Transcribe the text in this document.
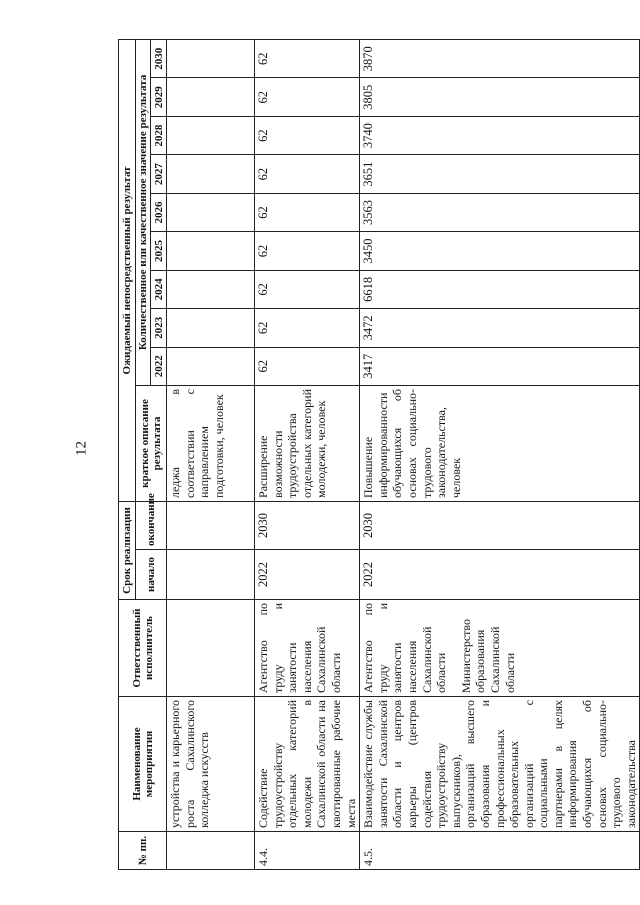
12
№ пп.	Наименование мероприятия	Ответственный исполнитель	Срок реализации		Ожидаемый непосредственный результат									
			начало	окончание	краткое описание результата	Количественное или качественное значение результата								
						2022	2023	2024	2025	2026	2027	2028	2029	2030
	устройства и карьерного роста Сахалинского колледжа искусств				леджа в соответствии с направлением подготовки, человек									
4.4.	Содействие трудоустройству отдельных категорий молодежи в Сахалинской области на квотированные рабочие места	Агентство по труду и занятости населения Сахалинской области	2022	2030	Расширение возможности трудоустройства отдельных категорий молодежи, человек	62	62	62	62	62	62	62	62	62
4.5.	Взаимодействие службы занятости Сахалинской области и центров карьеры (центров содействия трудоустройству выпускников), организаций высшего образования и профессиональных образовательных организаций с социальными партнерами в целях информирования обучающихся об основах социально-трудового законодательства	Агентство по труду и занятости населения Сахалинской области Министерство образования Сахалинской области	2022	2030	Повышение информированности обучающихся об основах социально-трудового законодательства, человек	3417	3472	6618	3450	3563	3651	3740	3805	3870
